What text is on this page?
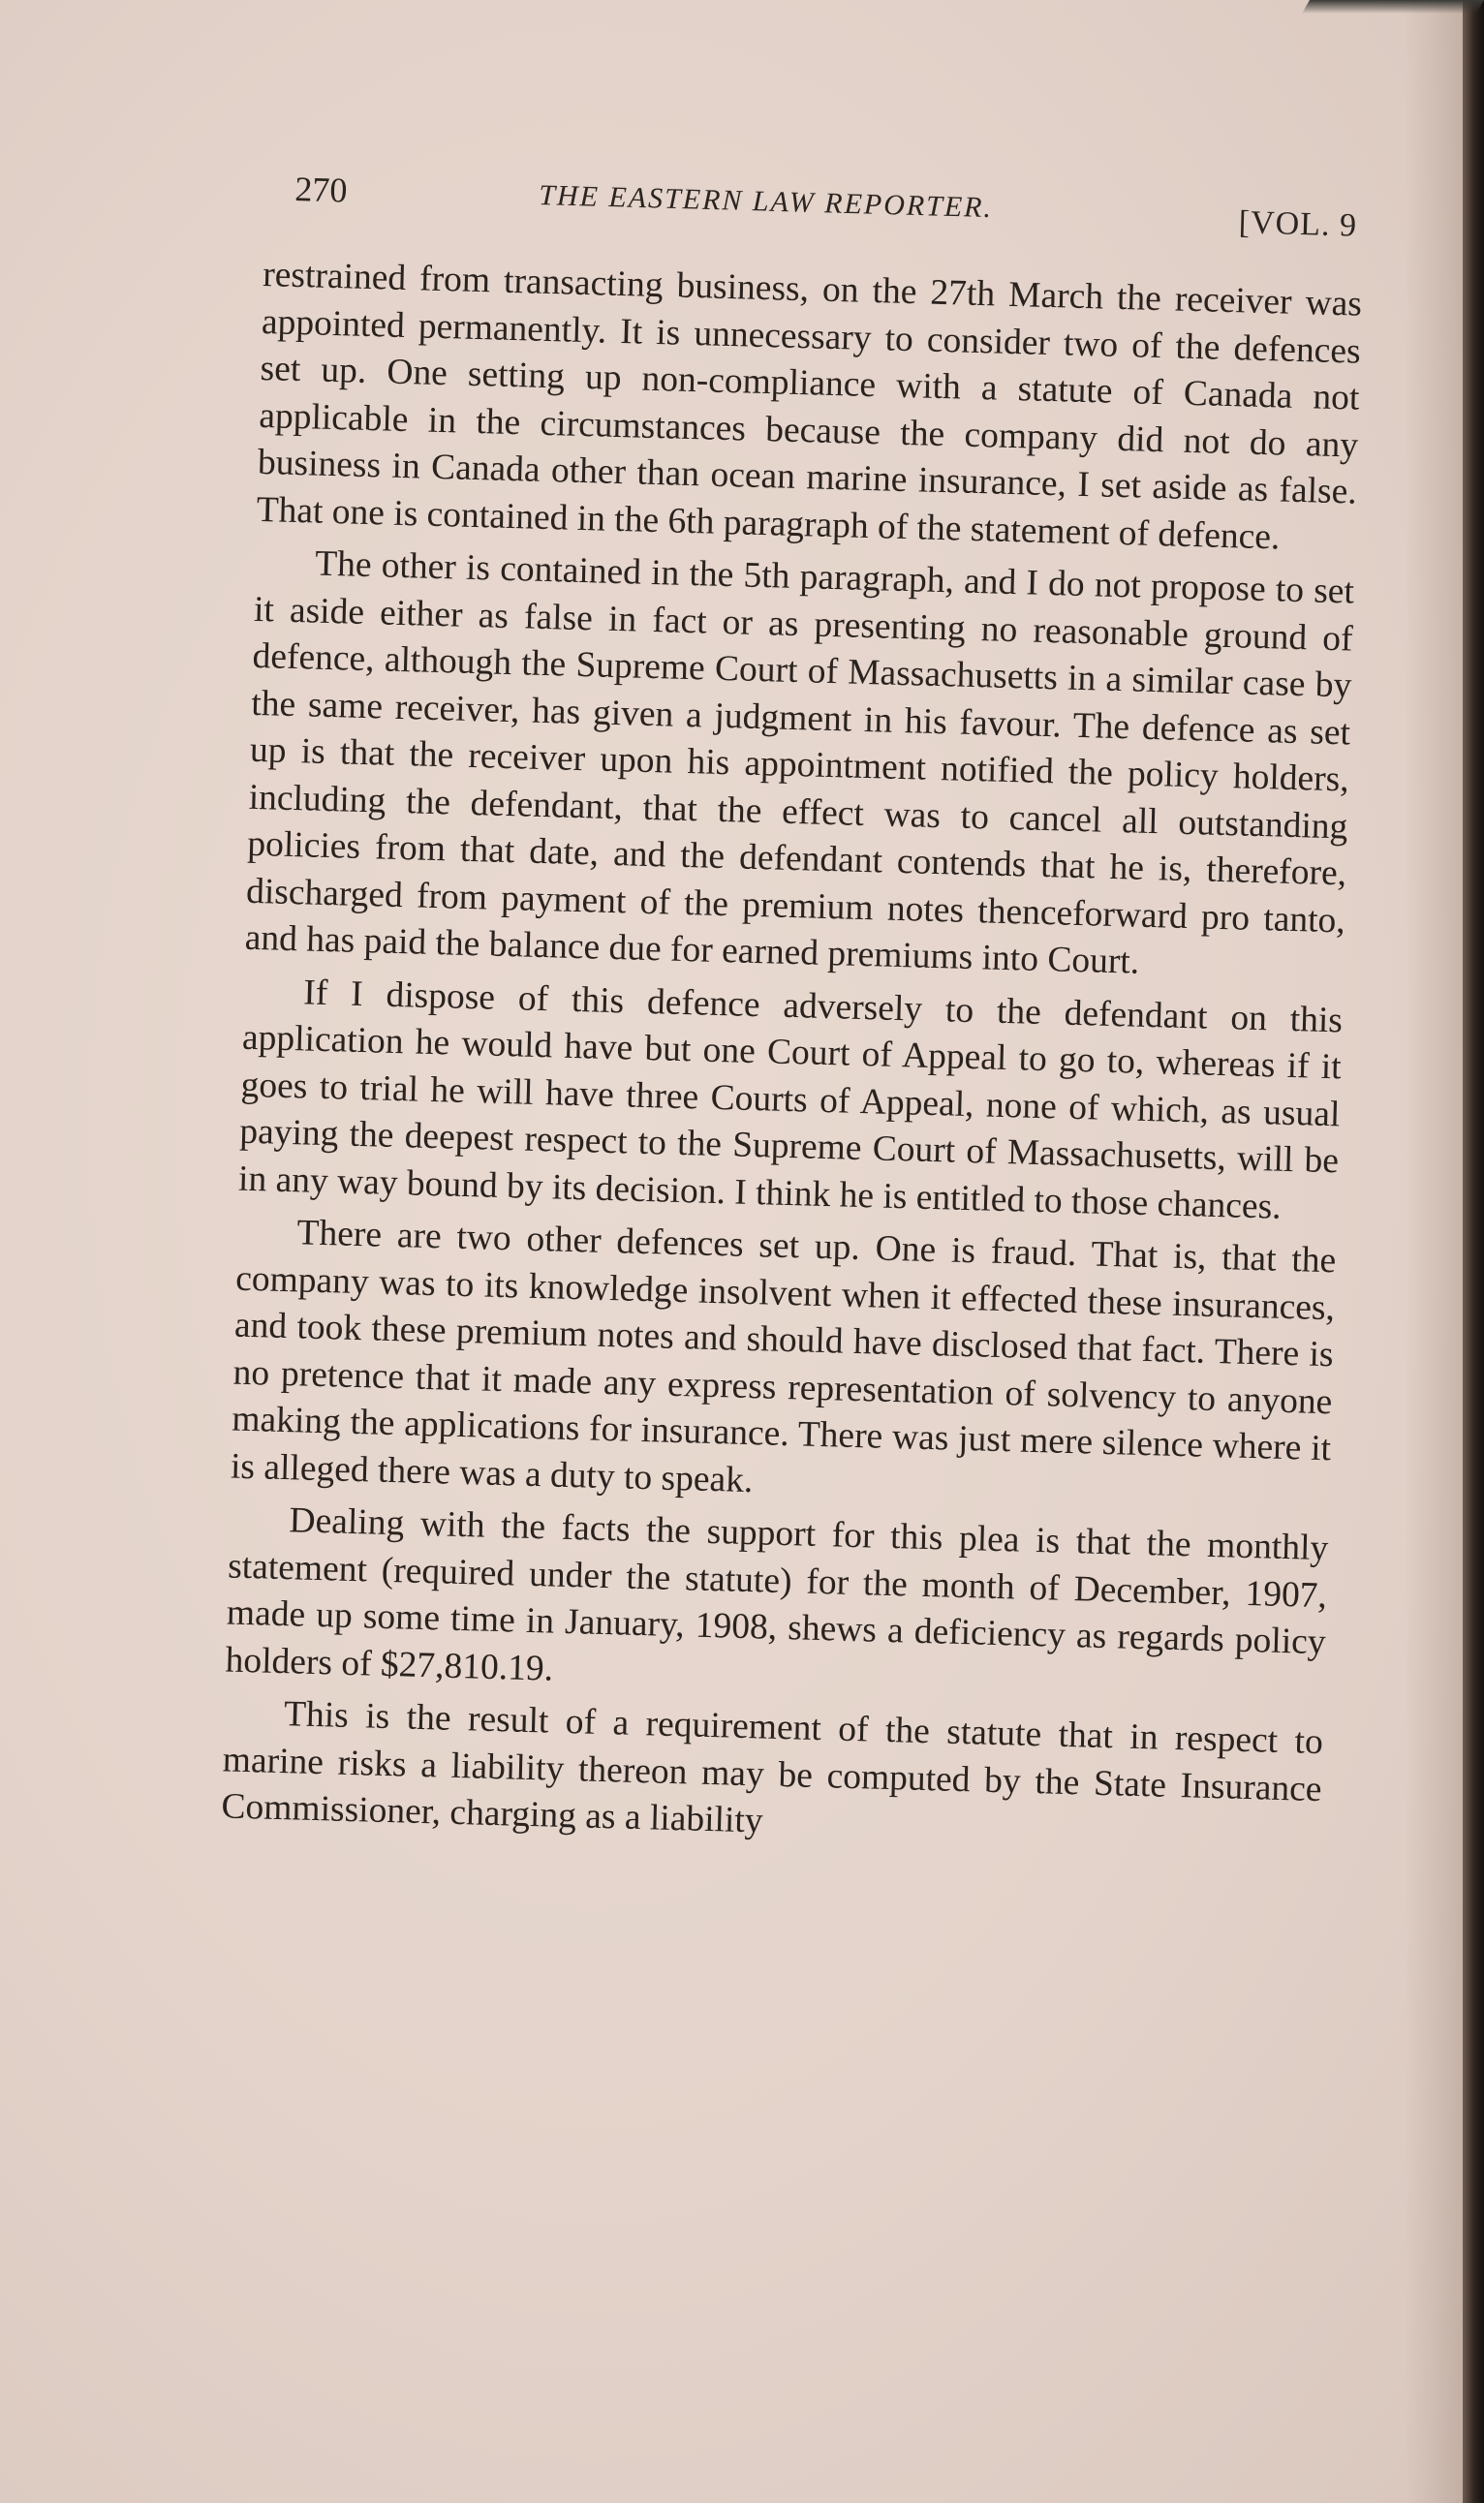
270	THE EASTERN LAW REPORTER.
[VOL. 9

restrained from transacting business, on the 27th March the receiver was appointed permanently. It is unnecessary to consider two of the defences set up. One setting up non-compliance with a statute of Canada not applicable in the circumstances because the company did not do any business in Canada other than ocean marine insurance, I set aside as false. That one is contained in the 6th paragraph of the statement of defence.

The other is contained in the 5th paragraph, and I do not propose to set it aside either as false in fact or as presenting no reasonable ground of defence, although the Supreme Court of Massachusetts in a similar case by the same receiver, has given a judgment in his favour. The defence as set up is that the receiver upon his appointment notified the policy holders, including the defendant, that the effect was to cancel all outstanding policies from that date, and the defendant contends that he is, therefore, discharged from payment of the premium notes thenceforward pro tanto, and has paid the balance due for earned premiums into Court.

If I dispose of this defence adversely to the defendant on this application he would have but one Court of Appeal to go to, whereas if it goes to trial he will have three Courts of Appeal, none of which, as usual paying the deepest respect to the Supreme Court of Massachusetts, will be in any way bound by its decision. I think he is entitled to those chances.

There are two other defences set up. One is fraud. That is, that the company was to its knowledge insolvent when it effected these insurances, and took these premium notes and should have disclosed that fact. There is no pretence that it made any express representation of solvency to anyone making the applications for insurance. There was just mere silence where it is alleged there was a duty to speak.

Dealing with the facts the support for this plea is that the monthly statement (required under the statute) for the month of December, 1907, made up some time in January, 1908, shews a deficiency as regards policy holders of $27,810.19.

This is the result of a requirement of the statute that in respect to marine risks a liability thereon may be computed by the State Insurance Commissioner, charging as a liability
